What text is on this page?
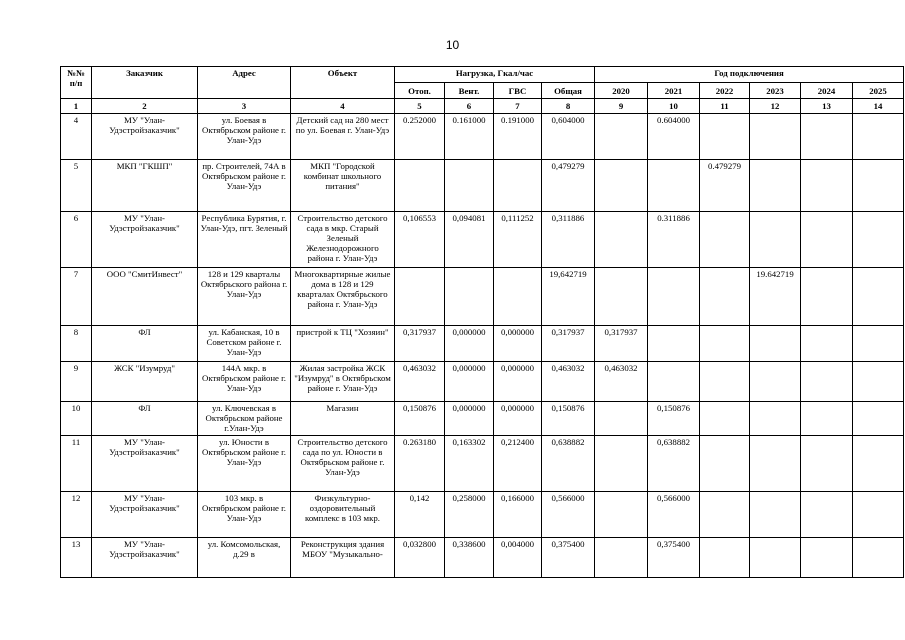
10
№№ п/п	Заказчик	Адрес	Объект	Нагрузка, Гкал/час				Год подключения					
				Отоп.	Вент.	ГВС	Общая	2020	2021	2022	2023	2024	2025
1	2	3	4	5	6	7	8	9	10	11	12	13	14
4	МУ "Улан-Удэстройзаказчик"	ул. Боевая в Октябрьском районе г. Улан-Удэ	Детский сад на 280 мест по ул. Боевая г. Улан-Удэ	0.252000	0.161000	0.191000	0,604000		0.604000				
5	МКП "ГКШП"	пр. Строителей, 74А в Октябрьском районе г. Улан-Удэ	МКП "Городской комбинат школьного питания"				0,479279			0.479279			
6	МУ "Улан-Удэстройзаказчик"	Республика Бурятия, г. Улан-Удэ, пгт. Зеленый	Строительство детского сада в мкр. Старый Зеленый Железнодорожного района г. Улан-Удэ	0,106553	0,094081	0,111252	0,311886		0.311886				
7	ООО "СмитИнвест"	128 и 129 кварталы Октябрьского района г. Улан-Удэ	Многоквартирные жилые дома в 128 и 129 кварталах Октябрьского района г. Улан-Удэ				19,642719				19.642719		
8	ФЛ	ул. Кабанская, 10 в Советском районе г. Улан-Удэ	пристрой к ТЦ "Хозяин"	0,317937	0,000000	0,000000	0,317937	0,317937					
9	ЖСК "Изумруд"	144А мкр. в Октябрьском районе г. Улан-Удэ	Жилая застройка ЖСК "Изумруд" в Октябрьском районе г. Улан-Удэ	0,463032	0,000000	0,000000	0,463032	0,463032					
10	ФЛ	ул. Ключевская в Октябрьском районе г.Улан-Удэ	Магазин	0,150876	0,000000	0,000000	0,150876		0,150876				
11	МУ "Улан-Удэстройзаказчик"	ул. Юности в Октябрьском районе г. Улан-Удэ	Строительство детского сада по ул. Юности в Октябрьском районе г. Улан-Удэ	0.263180	0,163302	0,212400	0,638882		0,638882				
12	МУ "Улан-Удэстройзаказчик"	103 мкр. в Октябрьском районе г. Улан-Удэ	Физкультурно-оздоровительный комплекс в 103 мкр.	0,142	0,258000	0,166000	0,566000		0,566000				
13	МУ "Улан-Удэстройзаказчик"	ул. Комсомольская, д.29 в	Реконструкция здания МБОУ "Музыкально-	0,032800	0,338600	0,004000	0,375400		0,375400				
